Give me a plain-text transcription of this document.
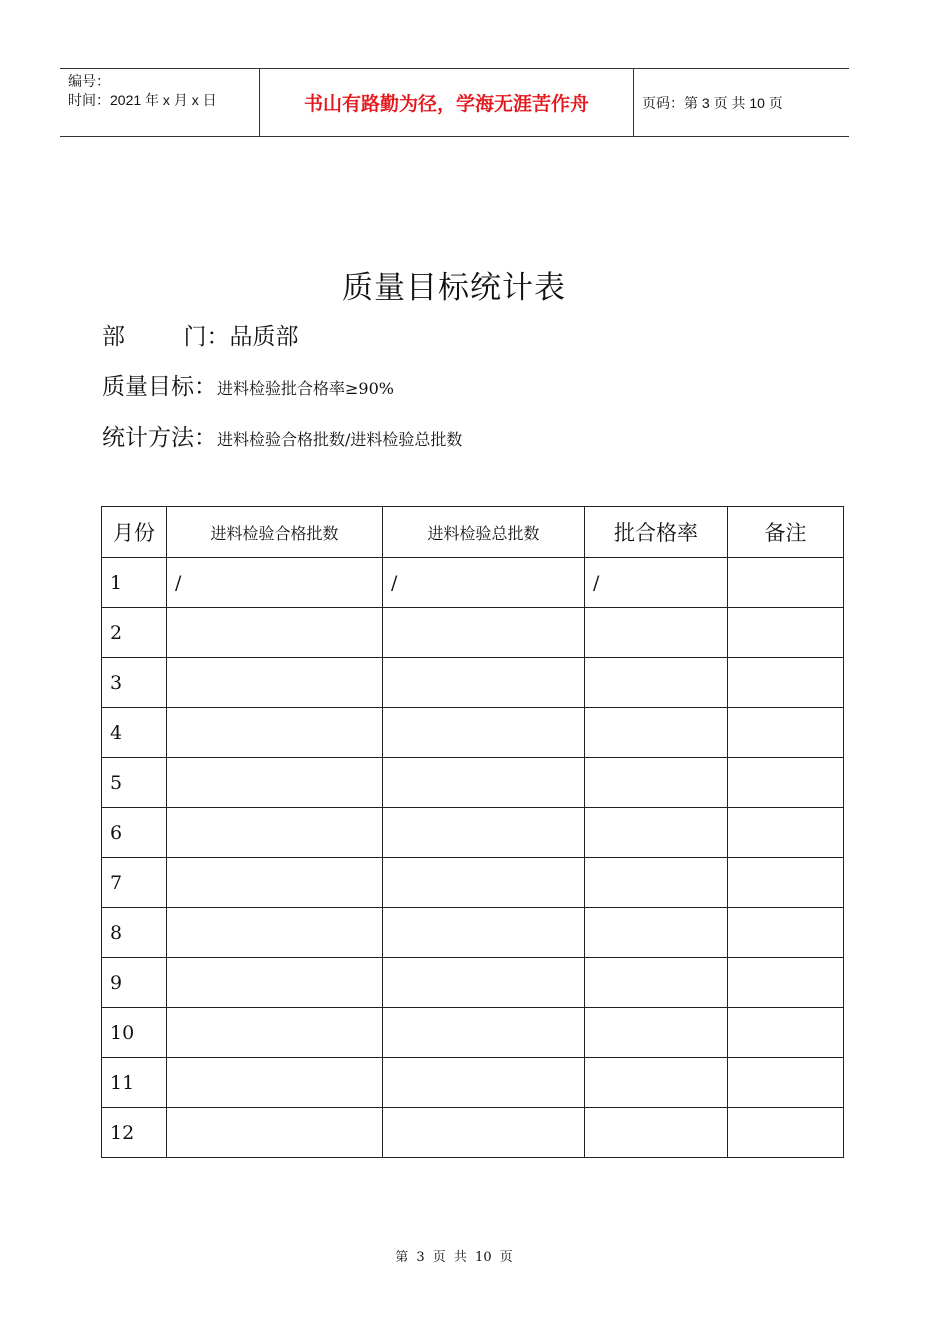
编号：
时间：2021 年 x 月 x 日	书山有路勤为径，学海无涯苦作舟	页码：第 3 页 共 10 页
质量目标统计表
部        门： 品质部
质量目标： 进料检验批合格率≥90%
统计方法： 进料检验合格批数/进料检验总批数
月份	进料检验合格批数	进料检验总批数	批合格率	备注
1	/	/	/	
2				
3				
4				
5				
6				
7				
8				
9				
10				
11				
12				
第 3 页 共 10 页
